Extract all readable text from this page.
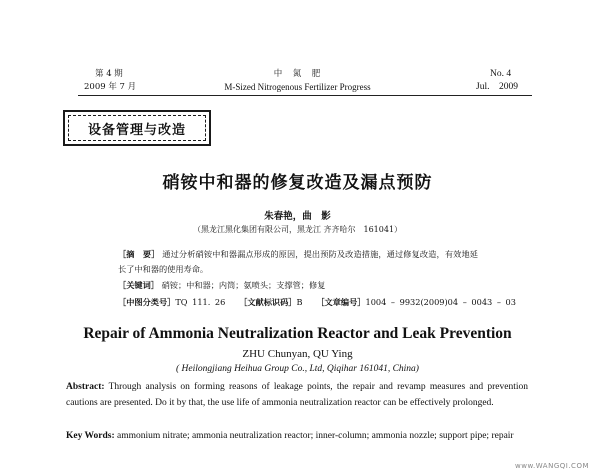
第 4 期
2009 年 7 月
中　氮　肥
M-Sized Nitrogenous Fertilizer Progress
No. 4
Jul.　2009
设备管理与改造
硝铵中和器的修复改造及漏点预防
朱春艳，曲　影
（黑龙江黑化集团有限公司，黑龙江 齐齐哈尔　161041）
［摘　要］ 通过分析硝铵中和器漏点形成的原因，提出预防及改造措施，通过修复改造，有效地延长了中和器的使用寿命。
［关键词］ 硝铵；中和器；内筒；氨喷头；支撑管；修复
［中图分类号］TQ 111. 26 ［文献标识码］B ［文章编号］1004 – 9932(2009)04 – 0043 – 03
Repair of Ammonia Neutralization Reactor and Leak Prevention
ZHU Chunyan, QU Ying
( Heilongjiang Heihua Group Co., Ltd, Qiqihar 161041, China)
Abstract: Through analysis on forming reasons of leakage points, the repair and revamp measures and prevention cautions are presented. Do it by that, the use life of ammonia neutralization reactor can be effectively prolonged.
Key Words: ammonium nitrate; ammonia neutralization reactor; inner-column; ammonia nozzle; support pipe; repair
www.WANGQI.COM
